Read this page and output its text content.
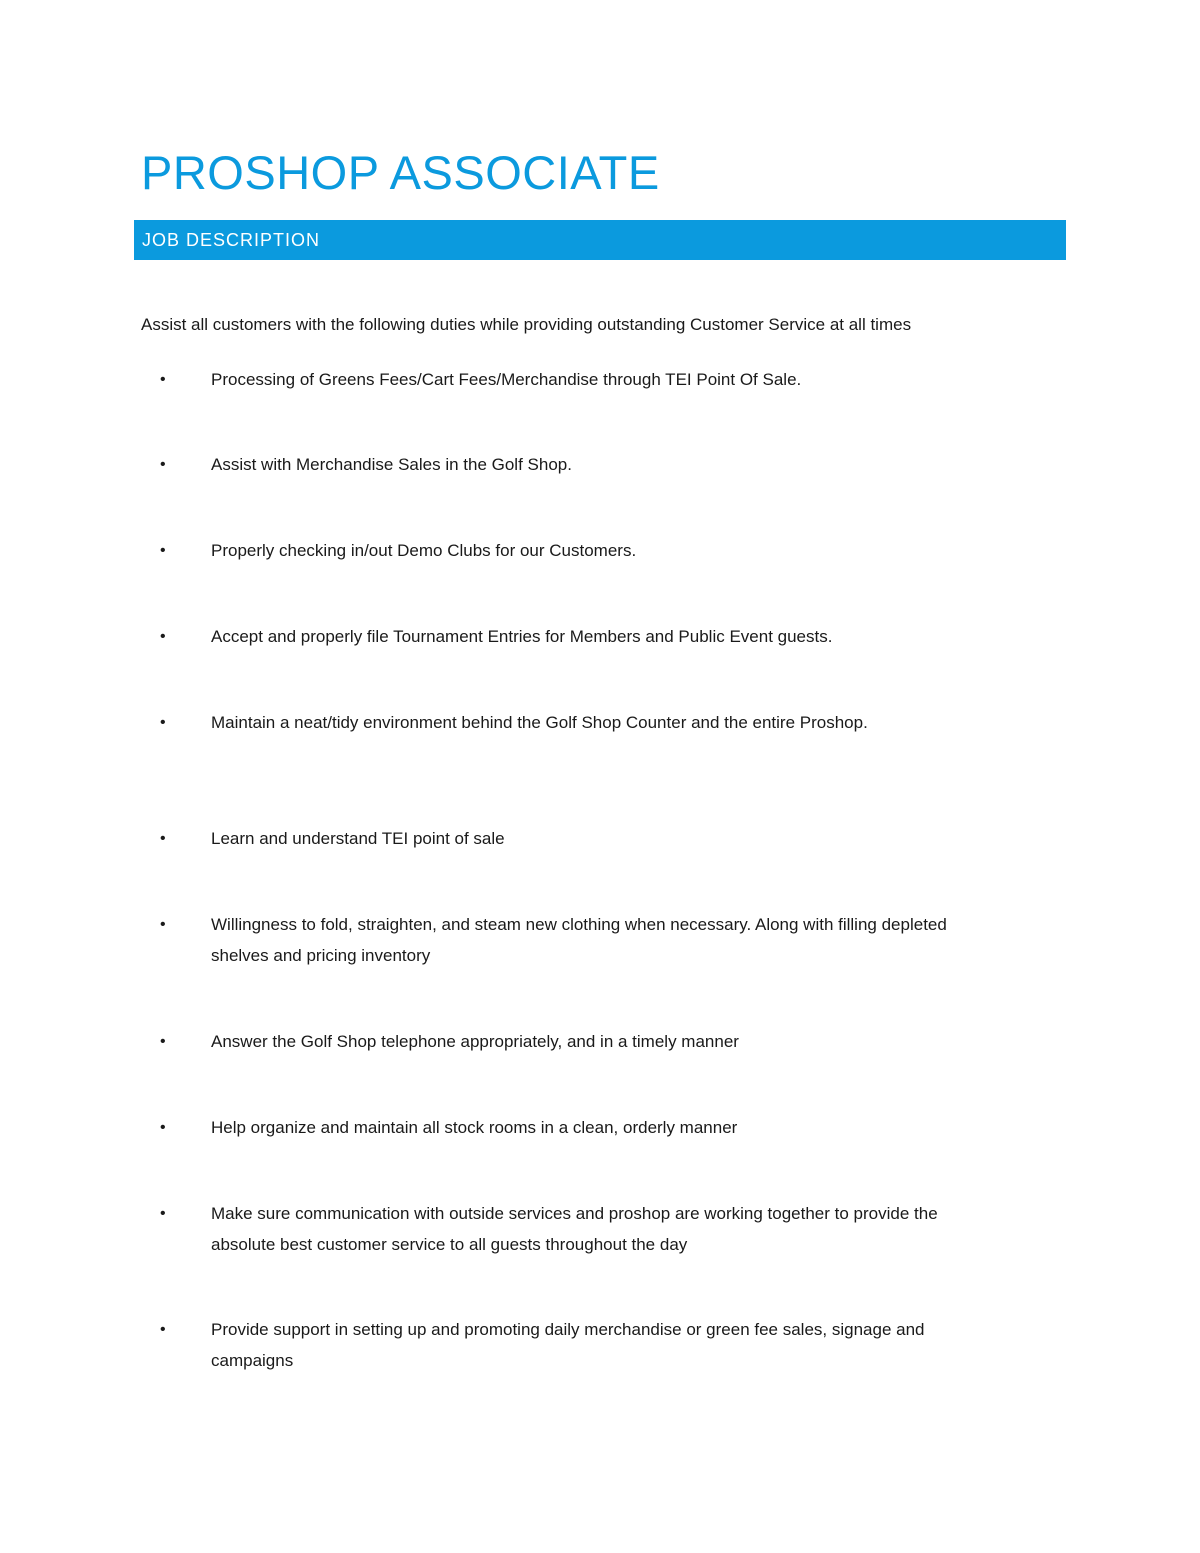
PROSHOP ASSOCIATE
JOB DESCRIPTION

Assist all customers with the following duties while providing outstanding Customer Service at all times

•	Processing of Greens Fees/Cart Fees/Merchandise through TEI Point Of Sale.
•	Assist with Merchandise Sales in the Golf Shop.
•	Properly checking in/out Demo Clubs for our Customers.
•	Accept and properly file Tournament Entries for Members and Public Event guests.
•	Maintain a neat/tidy environment behind the Golf Shop Counter and the entire Proshop.
•	Learn and understand TEI point of sale
•	Willingness to fold, straighten, and steam new clothing when necessary. Along with filling depleted shelves and pricing inventory
•	Answer the Golf Shop telephone appropriately, and in a timely manner
•	Help organize and maintain all stock rooms in a clean, orderly manner
•	Make sure communication with outside services and proshop are working together to provide the absolute best customer service to all guests throughout the day
•	Provide support in setting up and promoting daily merchandise or green fee sales, signage and campaigns
